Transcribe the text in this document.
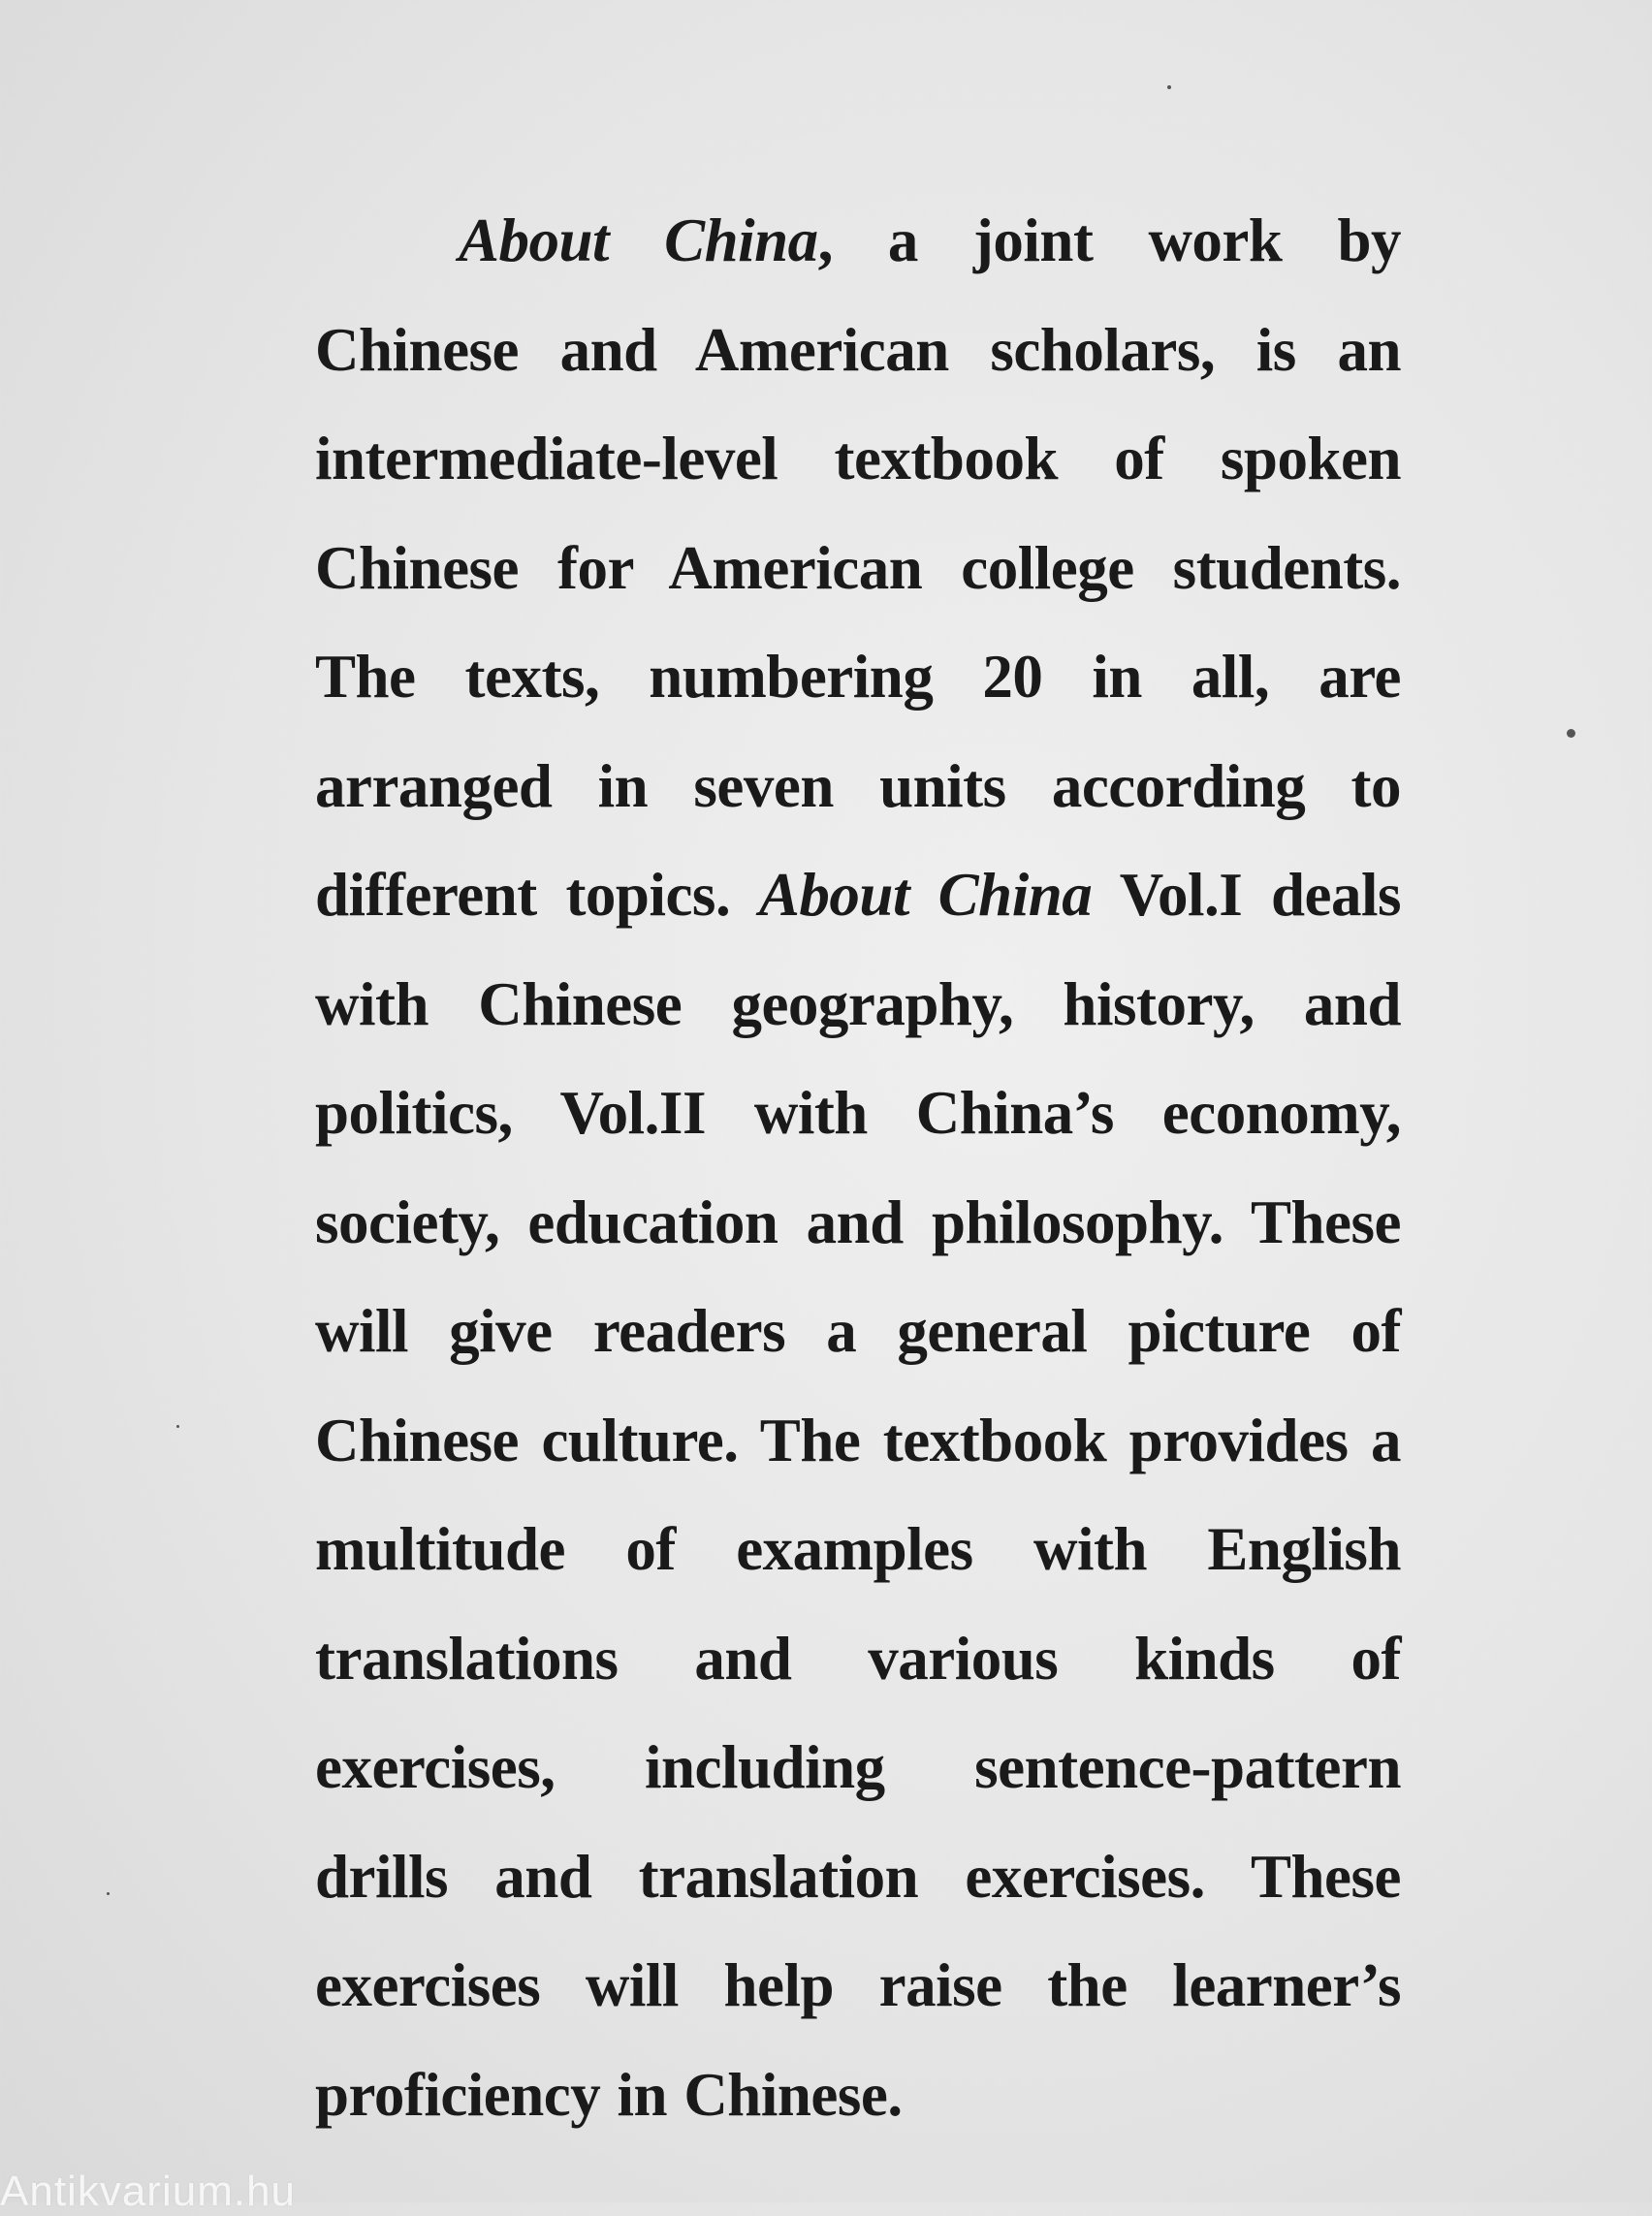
About China, a joint work by Chinese and American scholars, is an intermediate-level textbook of spoken Chinese for American college students. The texts, numbering 20 in all, are arranged in seven units according to different topics. About China Vol.I deals with Chinese geography, history, and politics, Vol.II with China’s economy, society, education and philosophy. These will give readers a general picture of Chinese culture. The textbook provides a multitude of examples with English translations and various kinds of exercises, including sentence-pattern drills and translation exercises. These exercises will help raise the learner’s proficiency in Chinese.

Antikvarium.hu
